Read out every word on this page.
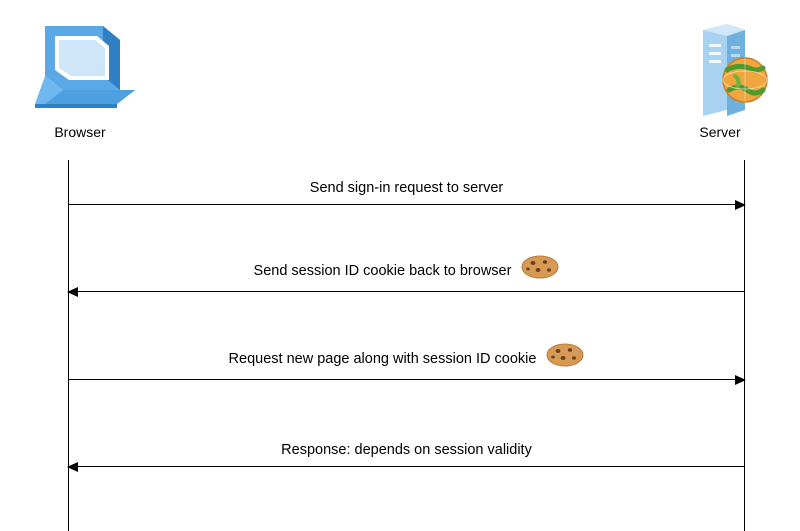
Browser	Server
Send sign-in request to server
Send session ID cookie back to browser
Request new page along with session ID cookie
Response: depends on session validity
